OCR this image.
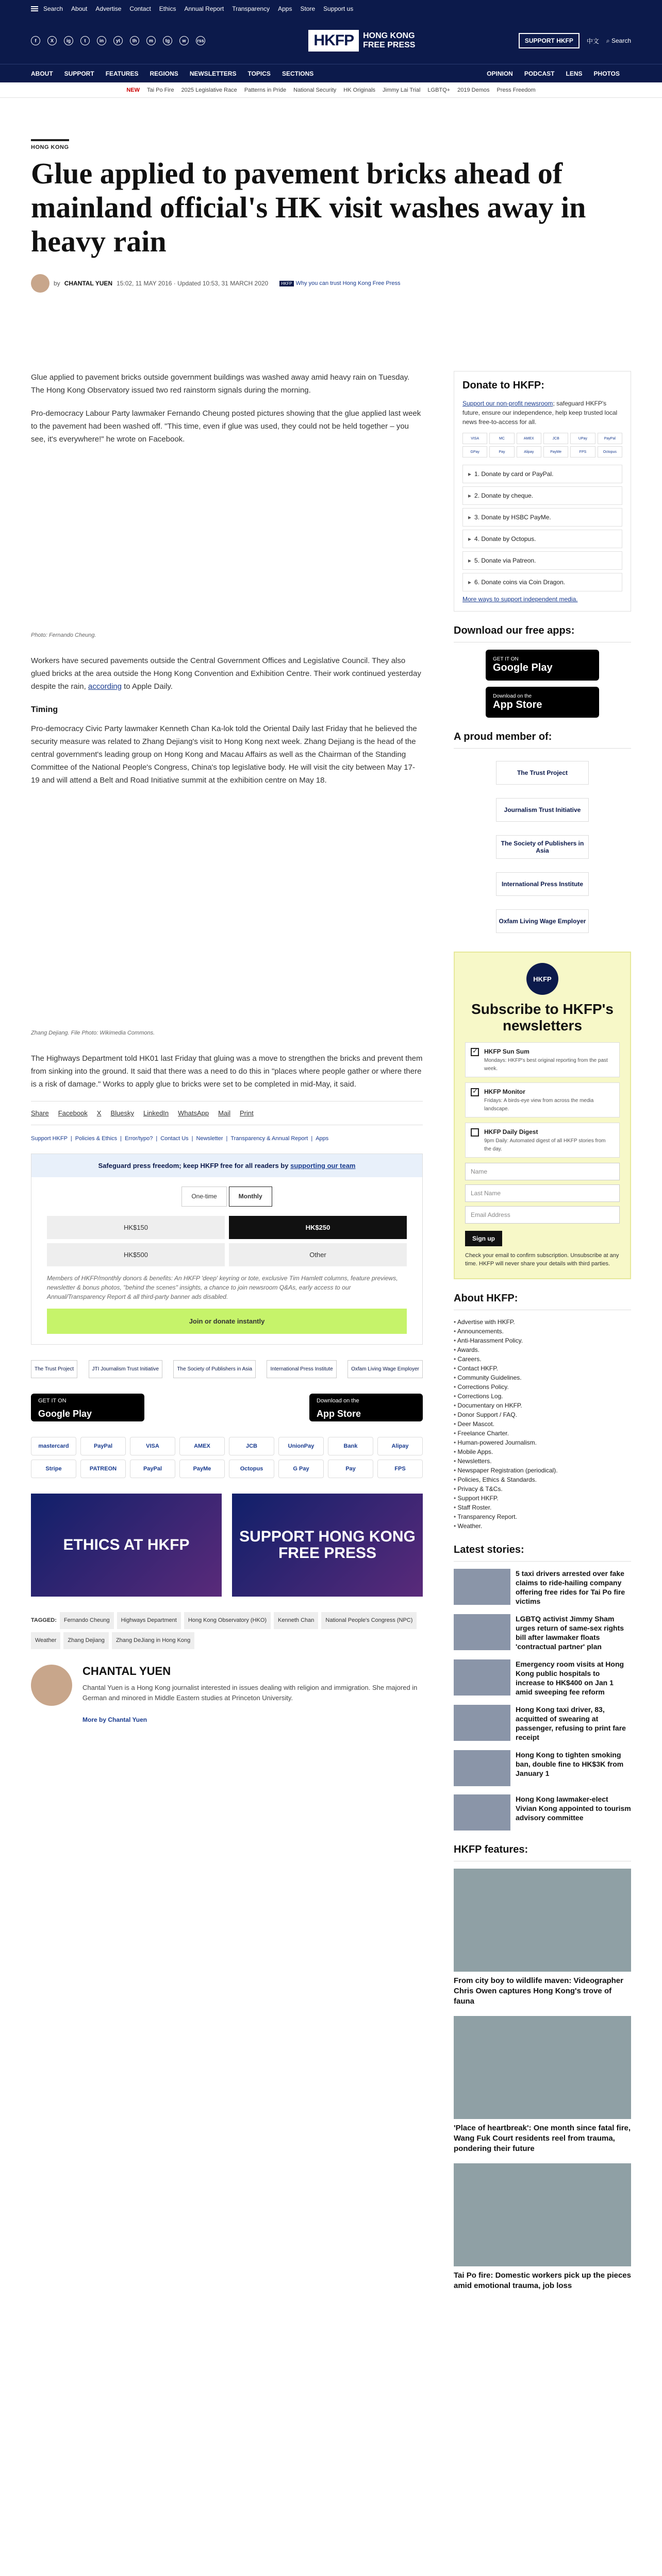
Search About Advertise Contact Ethics Annual Report Transparency Apps Store Support us
f	X	ig	t	in	yt	th	m	tg	w	rss	HKFP	HONG KONG
FREE PRESS	SUPPORT HKFP	中文 ⌕ Search
ABOUT SUPPORT FEATURES REGIONS NEWSLETTERS TOPICS SECTIONS	OPINION PODCAST LENS PHOTOS
NEW Tai Po Fire 2025 Legislative Race Patterns in Pride National Security HK Originals Jimmy Lai Trial LGBTQ+ 2019 Demos Press Freedom
HONG KONG
Glue applied to pavement bricks ahead of mainland official's HK visit washes away in heavy rain
by CHANTAL YUEN 15:02, 11 MAY 2016 · Updated 10:53, 31 MARCH 2020	HKFP Why you can trust Hong Kong Free Press

Glue applied to pavement bricks outside government buildings was washed away amid heavy rain on Tuesday. The Hong Kong Observatory issued two red rainstorm signals during the morning.

Pro-democracy Labour Party lawmaker Fernando Cheung posted pictures showing that the glue applied last week to the pavement had been washed off. "This time, even if glue was used, they could not be held together – you see, it's everywhere!" he wrote on Facebook.

Photo: Fernando Cheung.

Workers have secured pavements outside the Central Government Offices and Legislative Council. They also glued bricks at the area outside the Hong Kong Convention and Exhibition Centre. Their work continued yesterday despite the rain, according to Apple Daily.

Timing

Pro-democracy Civic Party lawmaker Kenneth Chan Ka-lok told the Oriental Daily last Friday that he believed the security measure was related to Zhang Dejiang's visit to Hong Kong next week. Zhang Dejiang is the head of the central government's leading group on Hong Kong and Macau Affairs as well as the Chairman of the Standing Committee of the National People's Congress, China's top legislative body. He will visit the city between May 17-19 and will attend a Belt and Road Initiative summit at the exhibition centre on May 18.

Zhang Dejiang. File Photo: Wikimedia Commons.

The Highways Department told HK01 last Friday that gluing was a move to strengthen the bricks and prevent them from sinking into the ground. It said that there was a need to do this in "places where people gather or where there is a risk of damage." Works to apply glue to bricks were set to be completed in mid-May, it said.

Share Facebook X Bluesky LinkedIn WhatsApp Mail Print
Support HKFP | Policies & Ethics | Error/typo? | Contact Us | Newsletter | Transparency & Annual Report | Apps
Safeguard press freedom; keep HKFP free for all readers by supporting our team
One-time	Monthly
HK$150	HK$250
HK$500	Other
Members of HKFP/monthly donors & benefits: An HKFP 'deep' keyring or tote, exclusive Tim Hamlett columns, feature previews, newsletter & bonus photos, "behind the scenes" insights, a chance to join newsroom Q&As, early access to our Annual/Transparency Report & all third-party banner ads disabled.
Join or donate instantly
The Trust Project	JTI Journalism Trust Initiative	The Society of Publishers in Asia	International Press Institute	Oxfam Living Wage Employer
GET IT ON
Google Play
Download on the
App Store
mastercard	PayPal	VISA	AMEX	JCB	UnionPay	Bank	Alipay
Stripe	PATREON	PayPal	PayMe	Octopus	G Pay	Pay	FPS
ETHICS AT HKFP	SUPPORT HONG KONG FREE PRESS
TAGGED:	Fernando Cheung	Highways Department	Hong Kong Observatory (HKO)	Kenneth Chan	National People's Congress (NPC)
Weather	Zhang Dejiang	Zhang DeJiang in Hong Kong
CHANTAL YUEN

Chantal Yuen is a Hong Kong journalist interested in issues dealing with religion and immigration. She majored in German and minored in Middle Eastern studies at Princeton University.

More by Chantal Yuen
Donate to HKFP:

Support our non-profit newsroom; safeguard HKFP's future, ensure our independence, help keep trusted local news free-to-access for all.

VISA	MC	AMEX	JCB	UPay	PayPal
GPay	Pay	Alipay	PayMe	FPS	Octopus
▸ 1. Donate by card or PayPal.
▸ 2. Donate by cheque.
▸ 3. Donate by HSBC PayMe.
▸ 4. Donate by Octopus.
▸ 5. Donate via Patreon.
▸ 6. Donate coins via Coin Dragon.
More ways to support independent media.
Download our free apps:
GET IT ON
Google Play
Download on the
App Store
A proud member of:
The Trust Project
Journalism Trust Initiative
The Society of Publishers in Asia
International Press Institute
Oxfam Living Wage Employer
HKFP
Subscribe to HKFP's newsletters
✓
HKFP Sun Sum
Mondays: HKFP's best original reporting from the past week.
✓
HKFP Monitor
Fridays: A birds-eye view from across the media landscape.
HKFP Daily Digest
9pm Daily: Automated digest of all HKFP stories from the day.
Name
Last Name
Email Address
Sign up
Check your email to confirm subscription. Unsubscribe at any time. HKFP will never share your details with third parties.
About HKFP:
• Advertise with HKFP.
• Announcements.
• Anti-Harassment Policy.
• Awards.
• Careers.
• Contact HKFP.
• Community Guidelines.
• Corrections Policy.
• Corrections Log.
• Documentary on HKFP.
• Donor Support / FAQ.
• Deer Mascot.
• Freelance Charter.
• Human-powered Journalism.
• Mobile Apps.
• Newsletters.
• Newspaper Registration (periodical).
• Policies, Ethics & Standards.
• Privacy & T&Cs.
• Support HKFP.
• Staff Roster.
• Transparency Report.
• Weather.
Latest stories:
5 taxi drivers arrested over fake claims to ride-hailing company offering free rides for Tai Po fire victims
LGBTQ activist Jimmy Sham urges return of same-sex rights bill after lawmaker floats 'contractual partner' plan
Emergency room visits at Hong Kong public hospitals to increase to HK$400 on Jan 1 amid sweeping fee reform
Hong Kong taxi driver, 83, acquitted of swearing at passenger, refusing to print fare receipt
Hong Kong to tighten smoking ban, double fine to HK$3K from January 1
Hong Kong lawmaker-elect Vivian Kong appointed to tourism advisory committee
HKFP features:
From city boy to wildlife maven: Videographer Chris Owen captures Hong Kong's trove of fauna
'Place of heartbreak': One month since fatal fire, Wang Fuk Court residents reel from trauma, pondering their future
Tai Po fire: Domestic workers pick up the pieces amid emotional trauma, job loss
